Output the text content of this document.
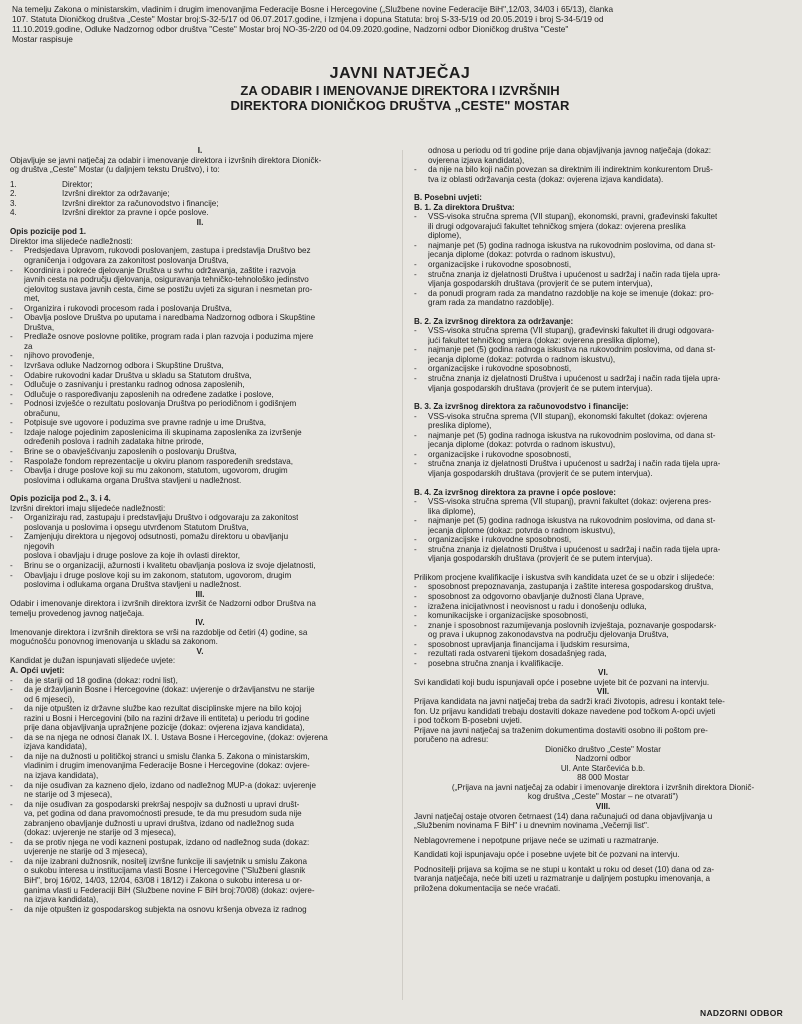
Na temelju Zakona o ministarskim, vladinim i drugim imenovanjima Federacije Bosne i Hercegovine („Službene novine Federacije BiH",12/03, 34/03 i 65/13), članka
107. Statuta Dioničkog društva „Ceste" Mostar broj:S-32-5/17 od 06.07.2017.godine, i Izmjena i dopuna Statuta: broj S-33-5/19 od 20.05.2019 i broj S-34-5/19 od
11.10.2019.godine, Odluke Nadzornog odbor društva "Ceste" Mostar broj NO-35-2/20 od 04.09.2020.godine, Nadzorni odbor Dioničkog društva "Ceste"
Mostar raspisuje
JAVNI NATJEČAJ
ZA ODABIR I IMENOVANJE DIREKTORA I IZVRŠNIH
DIREKTORA DIONIČKOG DRUŠTVA „CESTE" MOSTAR
I.
Objavljuje se javni natječaj za odabir i imenovanje direktora i izvršnih direktora Dioničk-
og društva „Ceste" Mostar (u daljnjem tekstu Društvo), i to:
1.	Direktor;
2.	Izvršni direktor za održavanje;
3.	Izvršni direktor za računovodstvo i financije;
4.	Izvršni direktor za pravne i opće poslove.
II.
Opis pozicije pod 1.
Direktor ima slijedeće nadležnosti:
-	Predsjedava Upravom, rukovodi poslovanjem, zastupa i predstavlja Društvo bez
ograničenja i odgovara za zakonitost poslovanja Društva,
-	Koordinira i pokreće djelovanje Društva u svrhu održavanja, zaštite i razvoja
javnih cesta na području djelovanja, osiguravanja tehničko-tehnološko jedinstvo
cjelovitog sustava javnih cesta, čime se postižu uvjeti za siguran i nesmetan pro-
met,
-	Organizira i rukovodi procesom rada i poslovanja Društva,
-	Obavlja poslove Društva po uputama i naredbama Nadzornog odbora i Skupštine
Društva,
-	Predlaže osnove poslovne politike, program rada i plan razvoja i poduzima mjere
za
-	njihovo provođenje,
-	Izvršava odluke Nadzornog odbora i Skupštine Društva,
-	Odabire rukovodni kadar Društva u skladu sa Statutom društva,
-	Odlučuje o zasnivanju i prestanku radnog odnosa zaposlenih,
-	Odlučuje o raspoređivanju zaposlenih na određene zadatke i poslove,
-	Podnosi izvješće o rezultatu poslovanja Društva po periodičnom i godišnjem
obračunu,
-	Potpisuje sve ugovore i poduzima sve pravne radnje u ime Društva,
-	Izdaje naloge pojedinim zaposlenicima ili skupinama zaposlenika za izvršenje
određenih poslova i radnih zadataka hitne prirode,
-	Brine se o obavješćivanju zaposlenih o poslovanju Društva,
-	Raspolaže fondom reprezentacije u okviru planom raspoređenih sredstava,
-	Obavlja i druge poslove koji su mu zakonom, statutom, ugovorom, drugim
poslovima i odlukama organa Društva stavljeni u nadležnost.
Opis pozicija pod 2., 3. i 4.
Izvršni direktori imaju slijedeće nadležnosti:
-	Organiziraju rad, zastupaju i predstavljaju Društvo i odgovaraju za zakonitost
poslovanja u poslovima i opsegu utvrđenom Statutom Društva,
-	Zamjenjuju direktora u njegovoj odsutnosti, pomažu direktoru u obavljanju
njegovih
poslova i obavljaju i druge poslove za koje ih ovlasti direktor,
-	Brinu se o organizaciji, ažurnosti i kvalitetu obavljanja poslova iz svoje djelatnosti,
-	Obavljaju i druge poslove koji su im zakonom, statutom, ugovorom, drugim
poslovima i odlukama organa Društva stavljeni u nadležnost.
III.
Odabir i imenovanje direktora i izvršnih direktora izvršit će Nadzorni odbor Društva na
temelju provedenog javnog natječaja.
IV.
Imenovanje direktora i izvršnih direktora se vrši na razdoblje od četiri (4) godine, sa
mogućnošću ponovnog imenovanja u skladu sa zakonom.
V.
Kandidat je dužan ispunjavati slijedeće uvjete:
A. Opći uvjeti:
-	da je stariji od 18 godina (dokaz: rodni list),
-	da je državljanin Bosne i Hercegovine (dokaz: uvjerenje o državljanstvu ne starije
od 6 mjeseci),
-	da nije otpušten iz državne službe kao rezultat disciplinske mjere na bilo kojoj
razini u Bosni i Hercegovini (bilo na razini države ili entiteta) u periodu tri godine
prije dana objavljivanja upražnjene pozicije (dokaz: ovjerena izjava kandidata),
-	da se na njega ne odnosi članak IX. I. Ustava Bosne i Hercegovine, (dokaz: ovjerena
izjava kandidata),
-	da nije na dužnosti u političkoj stranci u smislu članka 5. Zakona o ministarskim,
vladinim i drugim imenovanjima Federacije Bosne i Hercegovine (dokaz: ovjere-
na izjava kandidata),
-	da nije osuđivan za kazneno djelo, izdano od nadležnog MUP-a (dokaz: uvjerenje
ne starije od 3 mjeseca),
-	da nije osuđivan za gospodarski prekršaj nespojiv sa dužnosti u upravi društ-
va, pet godina od dana pravomoćnosti presude, te da mu presudom suda nije
zabranjeno obavljanje dužnosti u upravi društva, izdano od nadležnog suda
(dokaz: uvjerenje ne starije od 3 mjeseca),
-	da se protiv njega ne vodi kazneni postupak, izdano od nadležnog suda (dokaz:
uvjerenje ne starije od 3 mjeseca),
-	da nije izabrani dužnosnik, nositelj izvršne funkcije ili savjetnik u smislu Zakona
o sukobu interesa u institucijama vlasti Bosne i Hercegovine ("Službeni glasnik
BiH", broj 16/02, 14/03, 12/04, 63/08 i 18/12) i Zakona o sukobu interesa u or-
ganima vlasti u Federaciji BiH (Službene novine F BiH broj:70/08) (dokaz: ovjere-
na izjava kandidata),
-	da nije otpušten iz gospodarskog subjekta na osnovu kršenja obveza iz radnog
odnosa u periodu od tri godine prije dana objavljivanja javnog natječaja (dokaz:
ovjerena izjava kandidata),
-	da nije na bilo koji način povezan sa direktnim ili indirektnim konkurentom Druš-
tva iz oblasti održavanja cesta (dokaz: ovjerena izjava kandidata).
B. Posebni uvjeti:
B. 1. Za direktora Društva:
-	VSS-visoka stručna sprema (VII stupanj), ekonomski, pravni, građevinski fakultet
ili drugi odgovarajući fakultet tehničkog smjera (dokaz: ovjerena preslika
diplome),
-	najmanje pet (5) godina radnoga iskustva na rukovodnim poslovima, od dana st-
jecanja diplome (dokaz: potvrda o radnom iskustvu),
-	organizacijske i rukovodne sposobnosti,
-	stručna znanja iz djelatnosti Društva i upućenost u sadržaj i način rada tijela upra-
vljanja gospodarskih društava (provjerit će se putem intervjua),
-	da ponudi program rada za mandatno razdoblje na koje se imenuje (dokaz: pro-
gram rada za mandatno razdoblje).
B. 2. Za izvršnog direktora za održavanje:
-	VSS-visoka stručna sprema (VII stupanj), građevinski fakultet ili drugi odgovara-
jući fakultet tehničkog smjera (dokaz: ovjerena preslika diplome),
-	najmanje pet (5) godina radnoga iskustva na rukovodnim poslovima, od dana st-
jecanja diplome (dokaz: potvrda o radnom iskustvu),
-	organizacijske i rukovodne sposobnosti,
-	stručna znanja iz djelatnosti Društva i upućenost u sadržaj i način rada tijela upra-
vljanja gospodarskih društava (provjerit će se putem intervjua).
B. 3. Za izvršnog direktora za računovodstvo i financije:
-	VSS-visoka stručna sprema (VII stupanj), ekonomski fakultet (dokaz: ovjerena
preslika diplome),
-	najmanje pet (5) godina radnoga iskustva na rukovodnim poslovima, od dana st-
jecanja diplome (dokaz: potvrda o radnom iskustvu),
-	organizacijske i rukovodne sposobnosti,
-	stručna znanja iz djelatnosti Društva i upućenost u sadržaj i način rada tijela upra-
vljanja gospodarskih društava (provjerit će se putem intervjua).
B. 4. Za izvršnog direktora za pravne i opće poslove:
-	VSS-visoka stručna sprema (VII stupanj), pravni fakultet (dokaz: ovjerena pres-
lika diplome),
-	najmanje pet (5) godina radnoga iskustva na rukovodnim poslovima, od dana st-
jecanja diplome (dokaz: potvrda o radnom iskustvu),
-	organizacijske i rukovodne sposobnosti,
-	stručna znanja iz djelatnosti Društva i upućenost u sadržaj i način rada tijela upra-
vljanja gospodarskih društava (provjerit će se putem intervjua).
Prilikom procjene kvalifikacije i iskustva svih kandidata uzet će se u obzir i slijedeće:
-	sposobnost prepoznavanja, zastupanja i zaštite interesa gospodarskog društva,
-	sposobnost za odgovorno obavljanje dužnosti člana Uprave,
-	izražena inicijativnost i neovisnost u radu i donošenju odluka,
-	komunikacijske i organizacijske sposobnosti,
-	znanje i sposobnost razumijevanja poslovnih izvještaja, poznavanje gospodarsk-
og prava i ukupnog zakonodavstva na području djelovanja Društva,
-	sposobnost upravljanja financijama i ljudskim resursima,
-	rezultati rada ostvareni tijekom dosadašnjeg rada,
-	posebna stručna znanja i kvalifikacije.
VI.
Svi kandidati koji budu ispunjavali opće i posebne uvjete bit će pozvani na intervju.
VII.
Prijava kandidata na javni natječaj treba da sadrži kraći životopis, adresu i kontakt tele-
fon. Uz prijavu kandidati trebaju dostaviti dokaze navedene pod točkom A-opći uvjeti
i pod točkom B-posebni uvjeti.
Prijave na javni natječaj sa traženim dokumentima dostaviti osobno ili poštom pre-
poručeno na adresu:
Dioničko društvo „Ceste" Mostar
Nadzorni odbor
Ul. Ante Starčevića b.b.
88 000 Mostar
(„Prijava na javni natječaj za odabir i imenovanje direktora i izvršnih direktora Dionič-
kog društva „Ceste" Mostar – ne otvarati")
VIII.
Javni natječaj ostaje otvoren četrnaest (14) dana računajući od dana objavljivanja u
„Službenim novinama F BiH" i u dnevnim novinama „Večernji list".
Neblagovremene i nepotpune prijave neće se uzimati u razmatranje.
Kandidati koji ispunjavaju opće i posebne uvjete bit će pozvani na intervju.
Podnositelji prijava sa kojima se ne stupi u kontakt u roku od deset (10) dana od za-
tvaranja natječaja, neće biti uzeti u razmatranje u daljnjem postupku imenovanja, a
priložena dokumentacija se neće vraćati.
NADZORNI ODBOR
